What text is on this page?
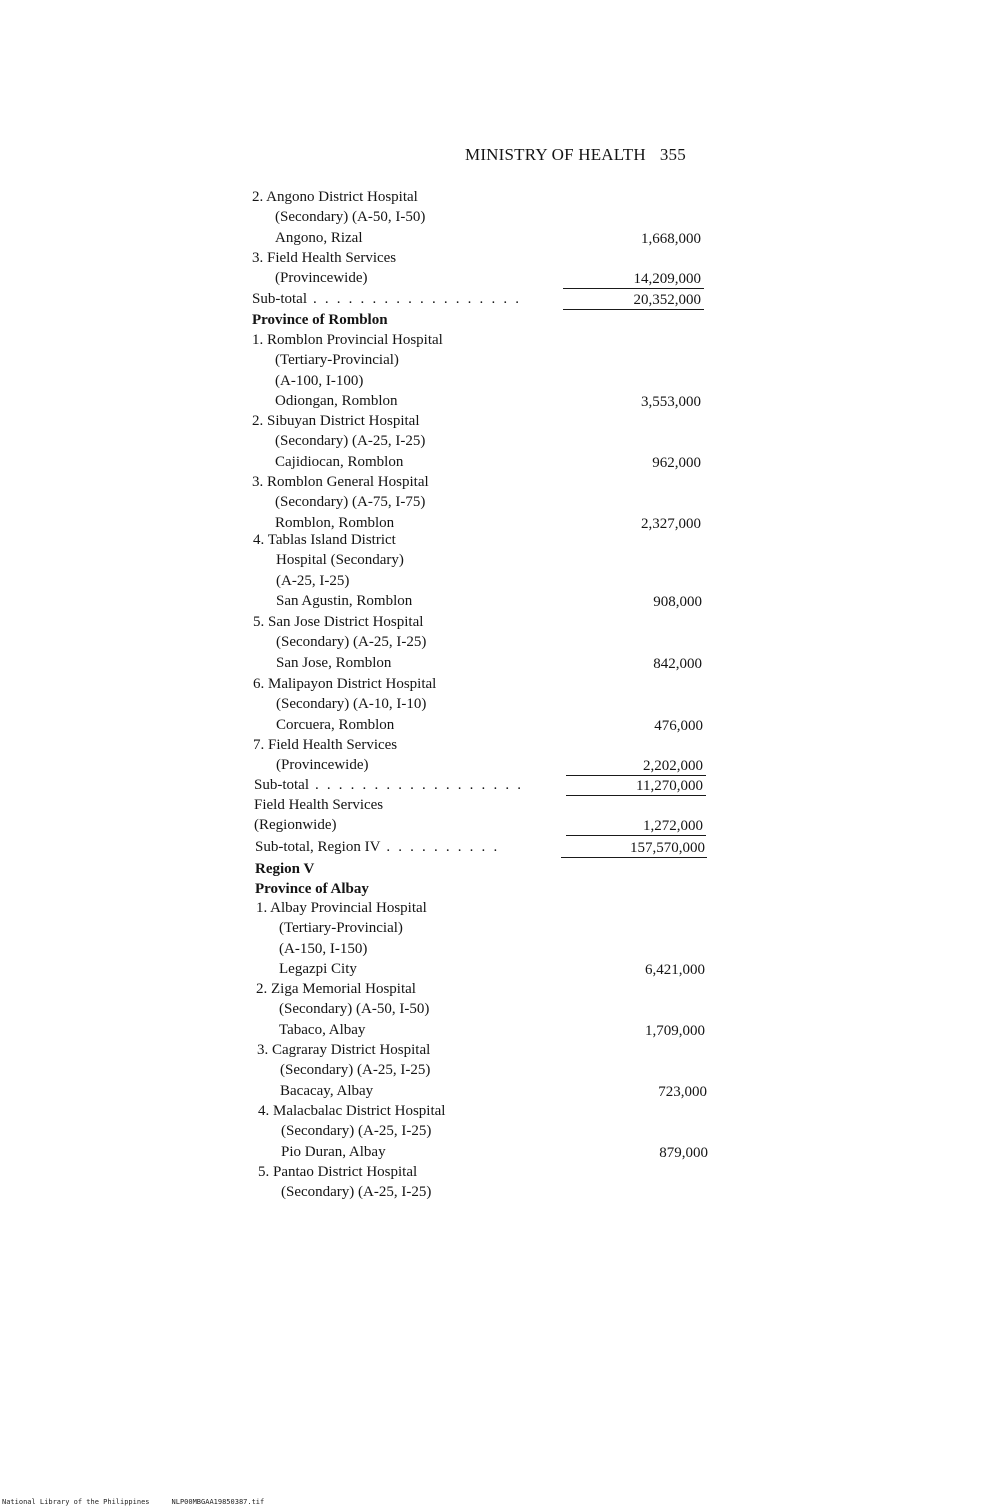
MINISTRY OF HEALTH 355
2. Angono District Hospital
(Secondary) (A-50, I-50)
Angono, Rizal	1,668,000
3. Field Health Services
(Provincewide)	14,209,000
Sub-total . . . . . . . . . . . . . . . . . .	20,352,000
Province of Romblon
1. Romblon Provincial Hospital
(Tertiary-Provincial)
(A-100, I-100)
Odiongan, Romblon	3,553,000
2. Sibuyan District Hospital
(Secondary) (A-25, I-25)
Cajidiocan, Romblon	962,000
3. Romblon General Hospital
(Secondary) (A-75, I-75)
Romblon, Romblon	2,327,000
4. Tablas Island District
Hospital (Secondary)
(A-25, I-25)
San Agustin, Romblon	908,000
5. San Jose District Hospital
(Secondary) (A-25, I-25)
San Jose, Romblon	842,000
6. Malipayon District Hospital
(Secondary) (A-10, I-10)
Corcuera, Romblon	476,000
7. Field Health Services
(Provincewide)	2,202,000
Sub-total . . . . . . . . . . . . . . . . . .	11,270,000
Field Health Services
(Regionwide)	1,272,000
Sub-total, Region IV . . . . . . . . . .	157,570,000
Region V
Province of Albay
1. Albay Provincial Hospital
(Tertiary-Provincial)
(A-150, I-150)
Legazpi City	6,421,000
2. Ziga Memorial Hospital
(Secondary) (A-50, I-50)
Tabaco, Albay	1,709,000
3. Cagraray District Hospital
(Secondary) (A-25, I-25)
Bacacay, Albay	723,000
4. Malacbalac District Hospital
(Secondary) (A-25, I-25)
Pio Duran, Albay	879,000
5. Pantao District Hospital
(Secondary) (A-25, I-25)
National Library of the Philippines	NLP00MBGAA19850387.tif
